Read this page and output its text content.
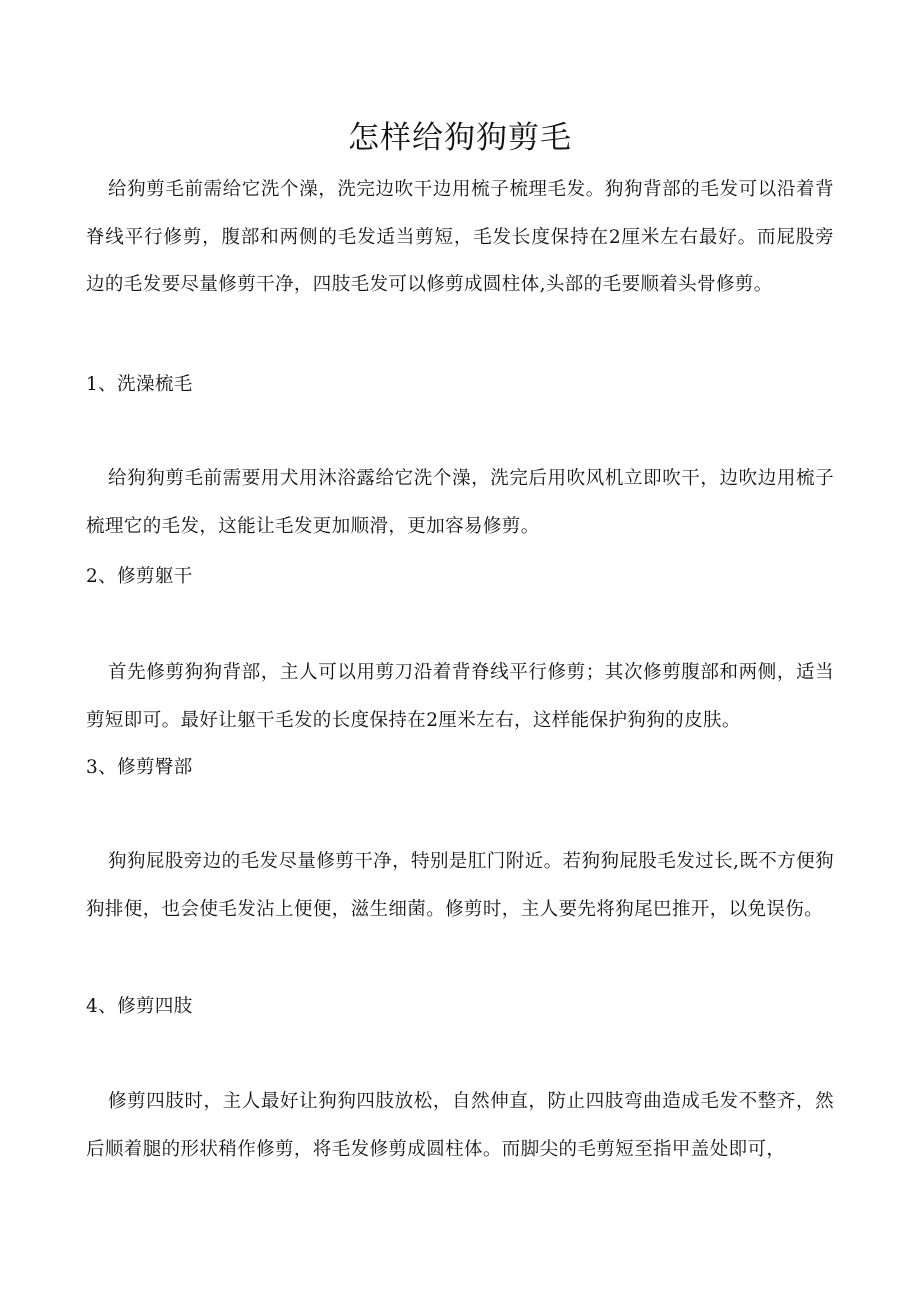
怎样给狗狗剪毛

给狗剪毛前需给它洗个澡，洗完边吹干边用梳子梳理毛发。狗狗背部的毛发可以沿着背脊线平行修剪，腹部和两侧的毛发适当剪短，毛发长度保持在2厘米左右最好。而屁股旁边的毛发要尽量修剪干净，四肢毛发可以修剪成圆柱体,头部的毛要顺着头骨修剪。

1、洗澡梳毛

给狗狗剪毛前需要用犬用沐浴露给它洗个澡，洗完后用吹风机立即吹干，边吹边用梳子梳理它的毛发，这能让毛发更加顺滑，更加容易修剪。

2、修剪躯干

首先修剪狗狗背部，主人可以用剪刀沿着背脊线平行修剪；其次修剪腹部和两侧，适当剪短即可。最好让躯干毛发的长度保持在2厘米左右，这样能保护狗狗的皮肤。

3、修剪臀部

狗狗屁股旁边的毛发尽量修剪干净，特别是肛门附近。若狗狗屁股毛发过长,既不方便狗狗排便，也会使毛发沾上便便，滋生细菌。修剪时，主人要先将狗尾巴推开，以免误伤。

4、修剪四肢

修剪四肢时，主人最好让狗狗四肢放松，自然伸直，防止四肢弯曲造成毛发不整齐，然后顺着腿的形状稍作修剪，将毛发修剪成圆柱体。而脚尖的毛剪短至指甲盖处即可，
